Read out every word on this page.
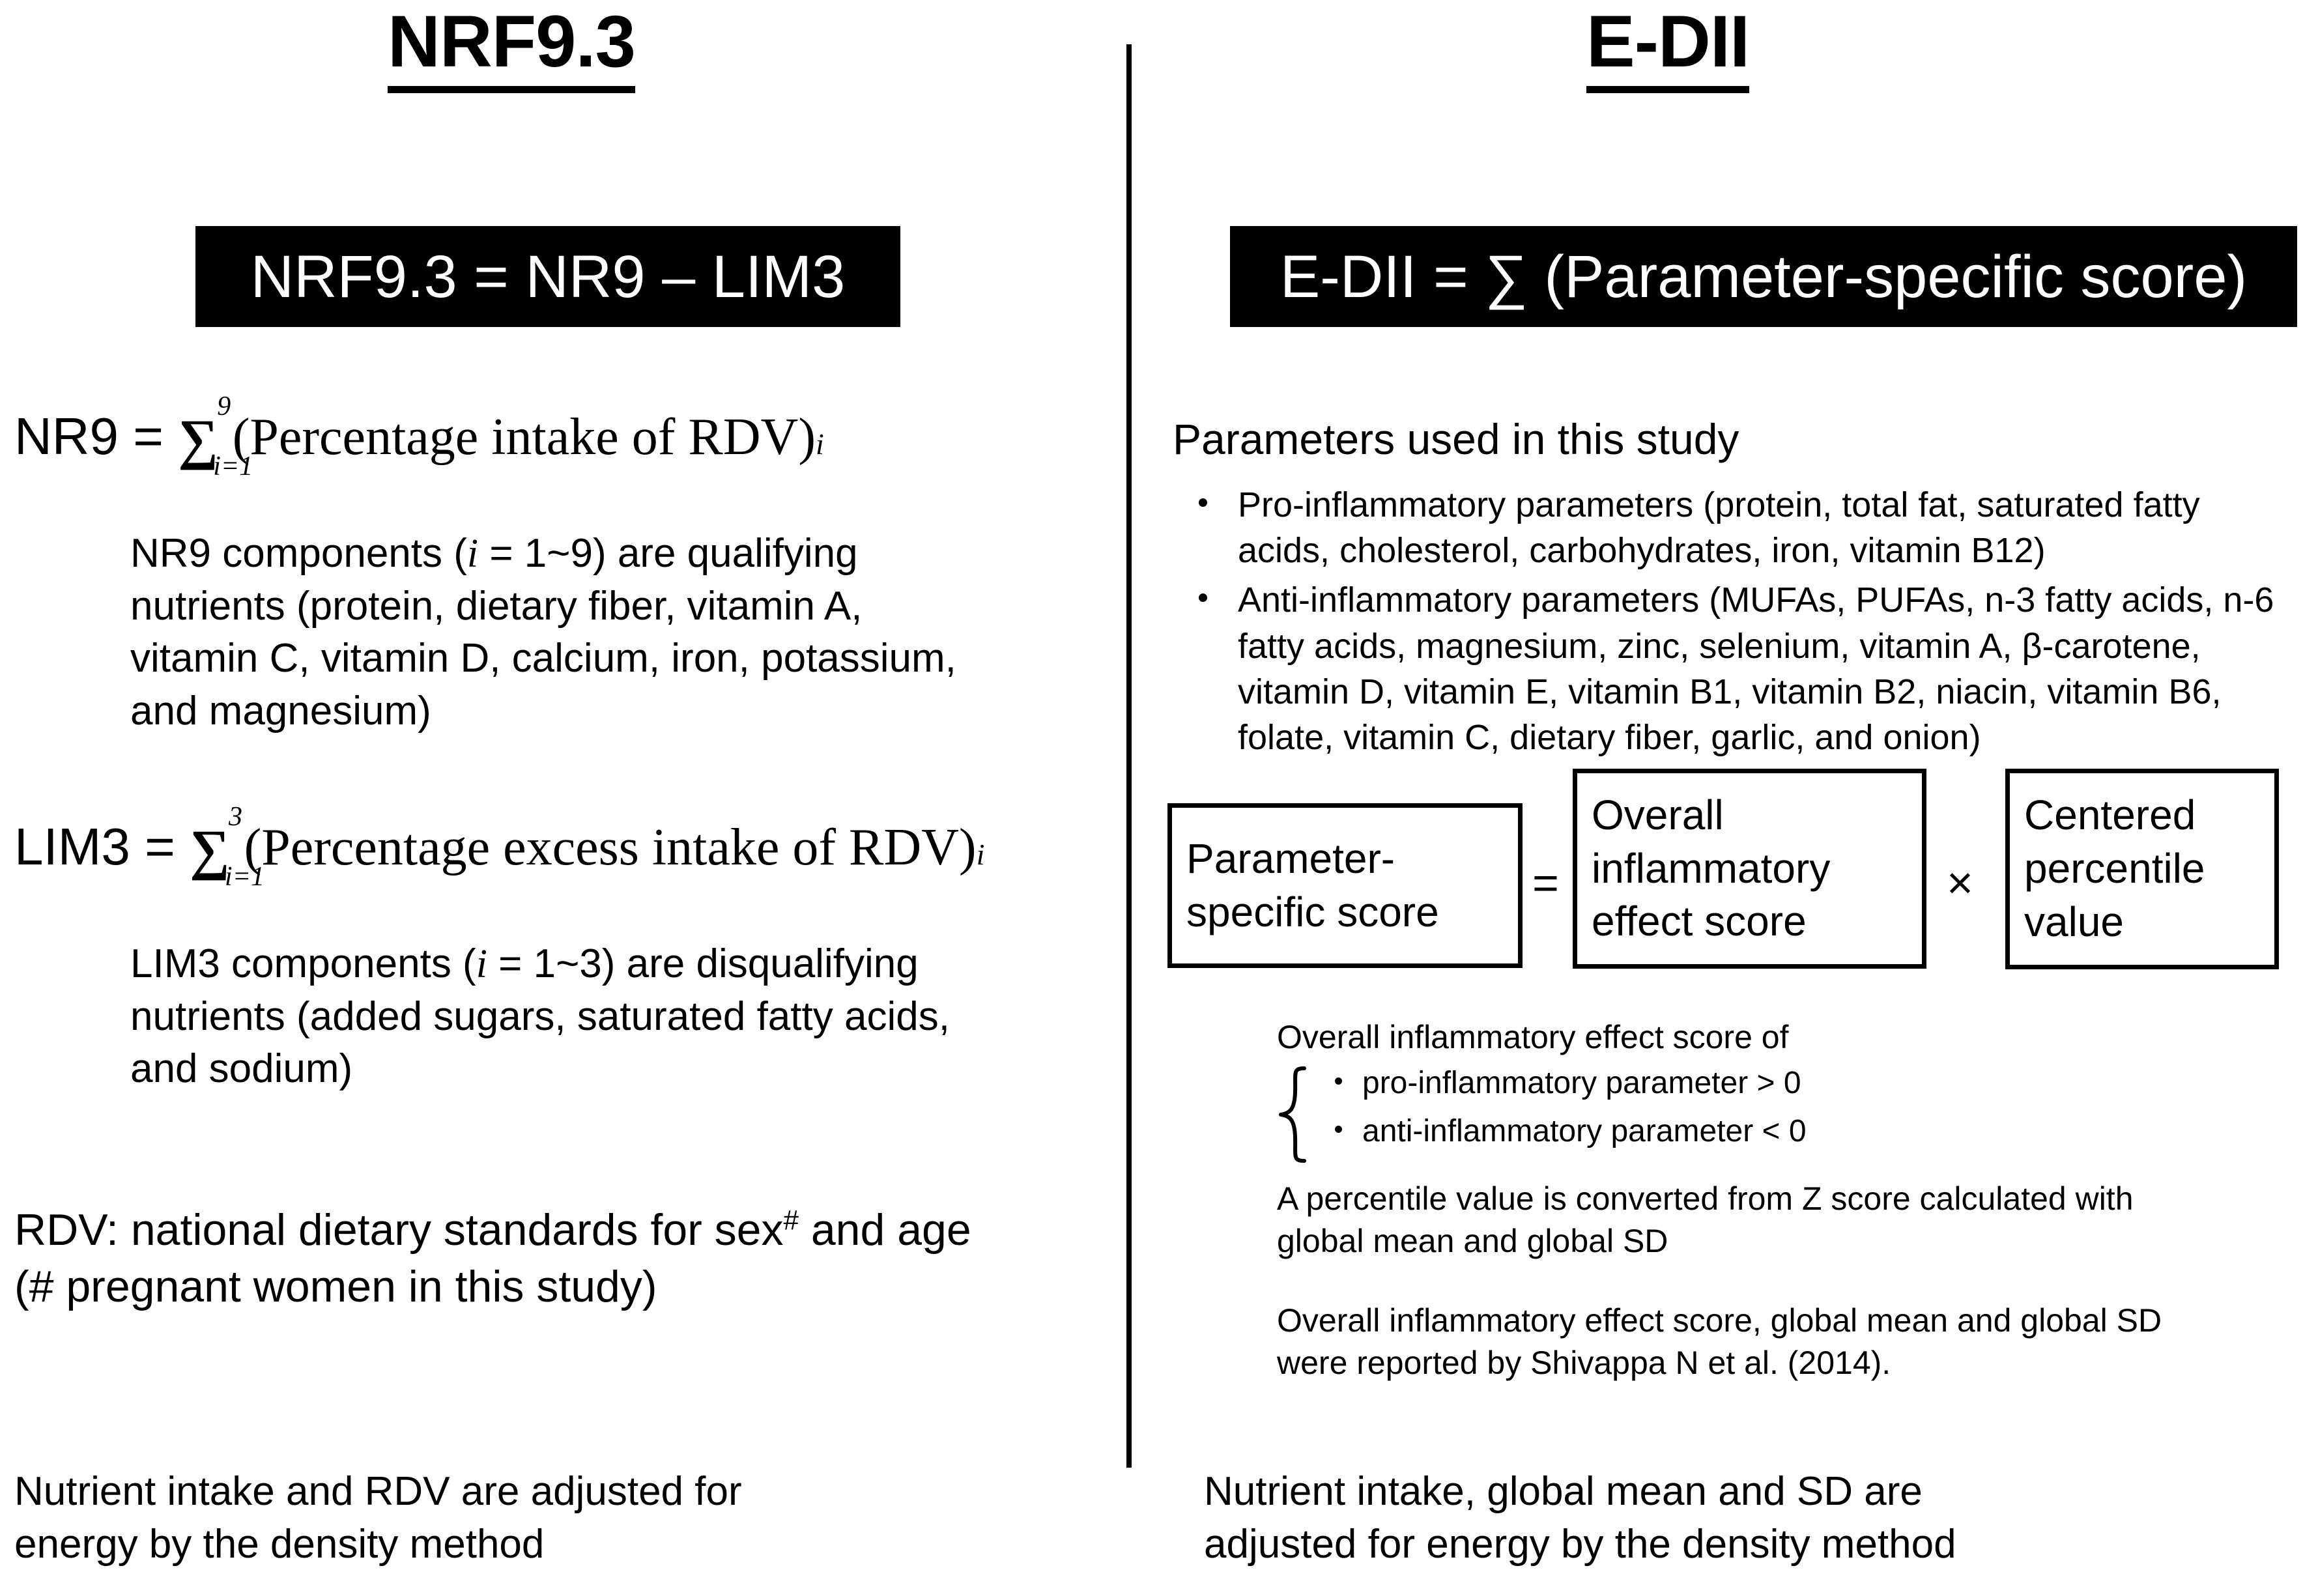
NRF9.3
NRF9.3 = NR9 – LIM3
NR9 = ∑
9
i=1
(Percentage intake of RDV)i
NR9 components (i = 1~9) are qualifying nutrients (protein, dietary fiber, vitamin A, vitamin C, vitamin D, calcium, iron, potassium, and magnesium)
LIM3 = ∑
3
i=1
(Percentage excess intake of RDV)i
LIM3 components (i = 1~3) are disqualifying nutrients (added sugars, saturated fatty acids, and sodium)
RDV: national dietary standards for sex# and age
(# pregnant women in this study)
Nutrient intake and RDV are adjusted for energy by the density method
E-DII
E-DII = ∑ (Parameter-specific score)
Parameters used in this study
Pro-inflammatory parameters (protein, total fat, saturated fatty acids, cholesterol, carbohydrates, iron, vitamin B12)
Anti-inflammatory parameters (MUFAs, PUFAs, n-3 fatty acids, n-6 fatty acids, magnesium, zinc, selenium, vitamin A, β-carotene, vitamin D, vitamin E, vitamin B1, vitamin B2, niacin, vitamin B6, folate, vitamin C, dietary fiber, garlic, and onion)
Parameter-specific score
=
Overall inflammatory effect score
×
Centered percentile value
Overall inflammatory effect score of
pro-inflammatory parameter > 0
anti-inflammatory parameter < 0
A percentile value is converted from Z score calculated with global mean and global SD
Overall inflammatory effect score, global mean and global SD were reported by Shivappa N et al. (2014).
Nutrient intake, global mean and SD are adjusted for energy by the density method
